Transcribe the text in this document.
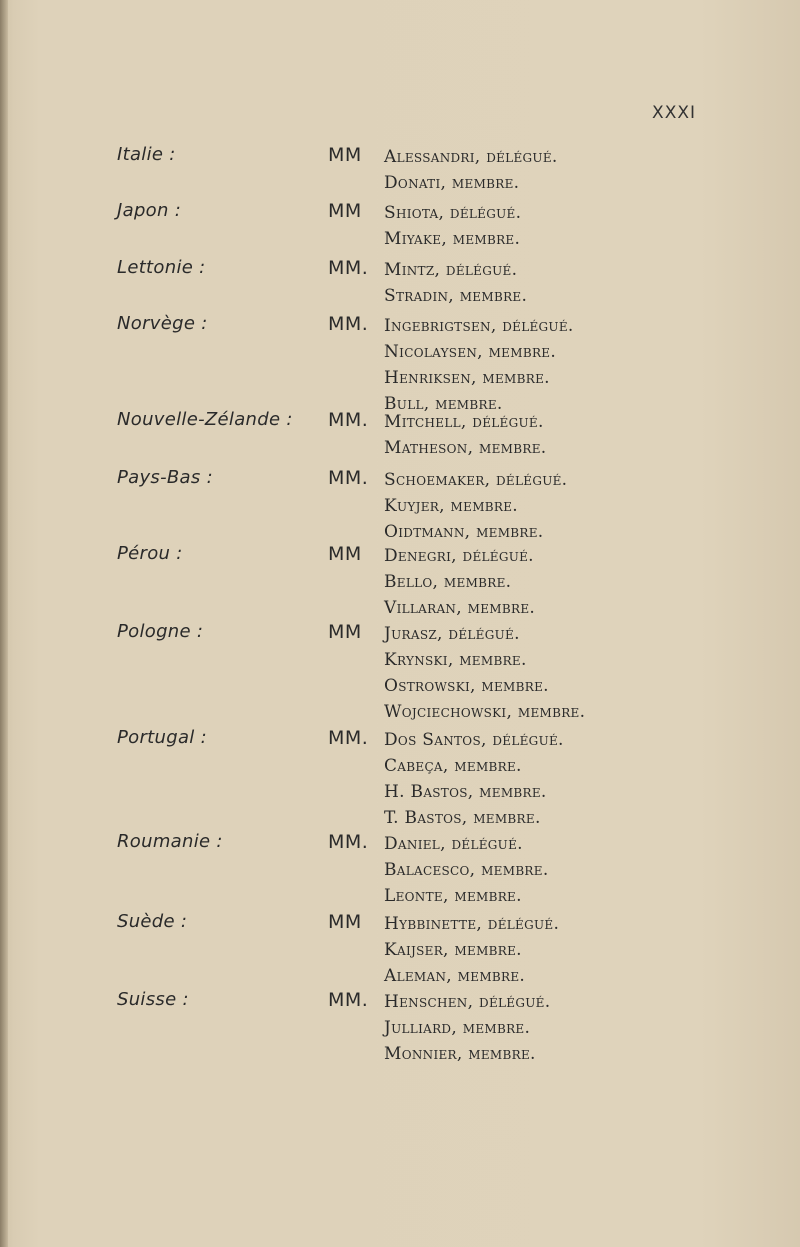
XXXI
Italie :	MM Alessandri, délégué.
Donati, membre.
Japon :	MM Shiota, délégué.
Miyake, membre.
Lettonie :	MM. Mintz, délégué.
Stradin, membre.
Norvège :	MM. Ingebrigtsen, délégué.
Nicolaysen, membre.
Henriksen, membre.
Bull, membre.
Nouvelle-Zélande : MM. Mitchell, délégué.
Matheson, membre.
Pays-Bas :	MM. Schoemaker, délégué.
Kuyjer, membre.
Oidtmann, membre.
Pérou :	MM Denegri, délégué.
Bello, membre.
Villaran, membre.
Pologne :	MM Jurasz, délégué.
Krynski, membre.
Ostrowski, membre.
Wojciechowski, membre.
Portugal :	MM. Dos Santos, délégué.
Cabeça, membre.
H. Bastos, membre.
T. Bastos, membre.
Roumanie :	MM. Daniel, délégué.
Balacesco, membre.
Leonte, membre.
Suède :	MM Hybbinette, délégué.
Kaijser, membre.
Aleman, membre.
Suisse :	MM. Henschen, délégué.
Julliard, membre.
Monnier, membre.
